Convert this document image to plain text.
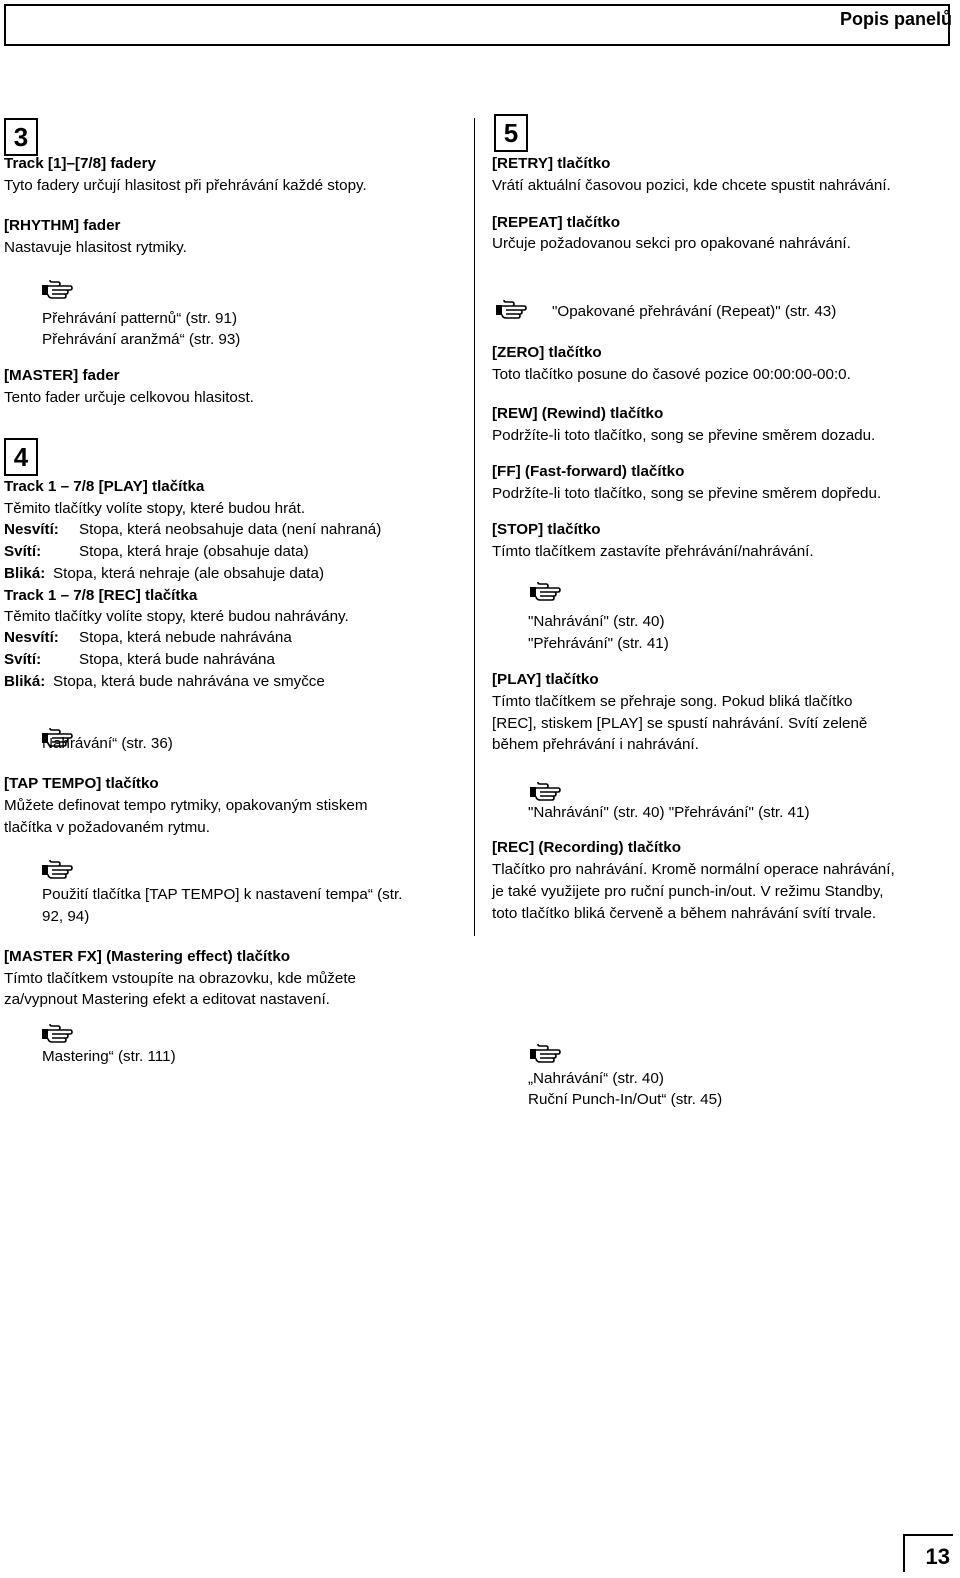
Popis panelů
3
Track [1]–[7/8] fadery
Tyto fadery určují hlasitost při přehrávání každé stopy.
[RHYTHM] fader
Nastavuje hlasitost rytmiky.
Přehrávání patternů“ (str. 91)
Přehrávání aranžmá“ (str. 93)
[MASTER] fader
Tento fader určuje celkovou hlasitost.
4
Track 1 – 7/8 [PLAY] tlačítka
Těmito tlačítky volíte stopy, které budou hrát.
Nesvítí: Stopa, která neobsahuje data (není nahraná)
Svítí: Stopa, která hraje (obsahuje data)
Bliká: Stopa, která nehraje (ale obsahuje data)
Track 1 – 7/8 [REC] tlačítka
Těmito tlačítky volíte stopy, které budou nahrávány.
Nesvítí: Stopa, která nebude nahrávána
Svítí: Stopa, která bude nahrávána
Bliká: Stopa, která bude nahrávána ve smyčce
Nahrávání“ (str. 36)
[TAP TEMPO] tlačítko
Můžete definovat tempo rytmiky, opakovaným stiskem
tlačítka v požadovaném rytmu.
Použití tlačítka [TAP TEMPO] k nastavení tempa“ (str.
92, 94)
[MASTER FX] (Mastering effect) tlačítko
Tímto tlačítkem vstoupíte na obrazovku, kde můžete
za/vypnout Mastering efekt a editovat nastavení.
Mastering“ (str. 111)
5
[RETRY] tlačítko
Vrátí aktuální časovou pozici, kde chcete spustit nahrávání.
[REPEAT] tlačítko
Určuje požadovanou sekci pro opakované nahrávání.
"Opakované přehrávání (Repeat)" (str. 43)
[ZERO] tlačítko
Toto tlačítko posune do časové pozice 00:00:00-00:0.
[REW] (Rewind) tlačítko
Podržíte-li toto tlačítko, song se převine směrem dozadu.
[FF] (Fast-forward) tlačítko
Podržíte-li toto tlačítko, song se převine směrem dopředu.
[STOP] tlačítko
Tímto tlačítkem zastavíte přehrávání/nahrávání.
"Nahrávání" (str. 40)
"Přehrávání" (str. 41)
[PLAY] tlačítko
Tímto tlačítkem se přehraje song. Pokud bliká tlačítko
[REC], stiskem [PLAY] se spustí nahrávání. Svítí zeleně
během přehrávání i nahrávání.
"Nahrávání" (str. 40) "Přehrávání" (str. 41)
[REC] (Recording) tlačítko
Tlačítko pro nahrávání. Kromě normální operace nahrávání,
je také využijete pro ruční punch-in/out. V režimu Standby,
toto tlačítko bliká červeně a během nahrávání svítí trvale.
„Nahrávání“ (str. 40)
Ruční Punch-In/Out“ (str. 45)
13
